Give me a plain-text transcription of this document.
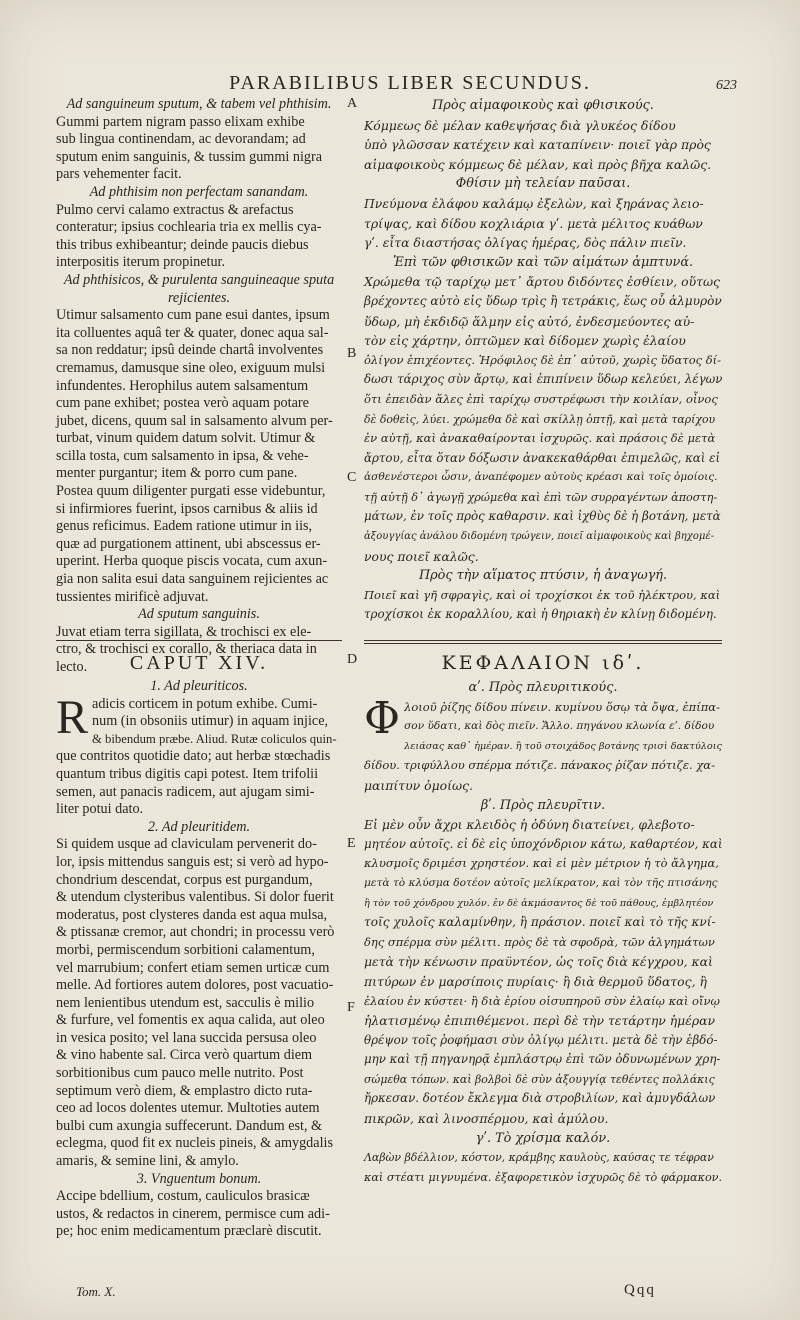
PARABILIBUS LIBER SECUNDUS.	623
Ad sanguineum sputum, & tabem vel phthisim.
Gummi partem nigram passo elixam exhibe
sub lingua continendam, ac devorandam; ad
sputum enim sanguinis, & tussim gummi nigra
pars vehementer facit.
Ad phthisim non perfectam sanandam.
Pulmo cervi calamo extractus & arefactus
conteratur; ipsius cochlearia tria ex mellis cya-
this tribus exhibeantur; deinde paucis diebus
interpositis iterum propinetur.
Ad phthisicos, & purulenta sanguineaque sputa
rejicientes.
Utimur salsamento cum pane esui dantes, ipsum
ita colluentes aquâ ter & quater, donec aqua sal-
sa non reddatur; ipsû deinde chartâ involventes
cremamus, damusque sine oleo, exiguum mulsi
infundentes. Herophilus autem salsamentum
cum pane exhibet; postea verò aquam potare
jubet, dicens, quum sal in salsamento alvum per-
turbat, vinum quidem datum solvit. Utimur &
scilla tosta, cum salsamento in ipsa, & vehe-
menter purgantur; item & porro cum pane.
Postea quum diligenter purgati esse videbuntur,
si infirmiores fuerint, ipsos carnibus & aliis id
genus reficimus. Eadem ratione utimur in iis,
quæ ad purgationem attinent, ubi abscessus er-
uperint. Herba quoque piscis vocata, cum axun-
gia non salita esui data sanguinem rejicientes ac
tussientes mirificè adjuvat.
Ad sputum sanguinis.
Juvat etiam terra sigillata, & trochisci ex ele-
ctro, & trochisci ex corallo, & theriaca data in
lecto.
Πρὸς αἱμαφοικοὺς καὶ φθισικούς.
Κόμμεως δὲ μέλαν καθεψήσας διὰ γλυκέος δίδου
ὑπὸ γλῶσσαν κατέχειν καὶ καταπίνειν· ποιεῖ γὰρ πρὸς
αἱμαφοικοὺς κόμμεως δὲ μέλαν, καὶ πρὸς βῆχα καλῶς.
Φθίσιν μὴ τελείαν παῦσαι.
Πνεύμονα ἐλάφου καλάμῳ ἐξελὼν, καὶ ξηράνας λειο-
τρίψας, καὶ δίδου κοχλιάρια γʹ. μετὰ μέλιτος κυάθων
γʹ. εἶτα διαστήσας ὀλίγας ἡμέρας, δὸς πάλιν πιεῖν.
Ἐπὶ τῶν φθισικῶν καὶ τῶν αἱμάτων ἀμπτυνά.
Χρώμεθα τῷ ταρίχῳ μετ᾽ ἄρτου διδόντες ἐσθίειν, οὕτως
βρέχοντες αὐτὸ εἰς ὕδωρ τρὶς ἢ τετράκις, ἕως οὗ ἁλμυρὸν
ὕδωρ, μὴ ἐκδιδῷ ἅλμην εἰς αὐτό, ἐνδεσμεύοντες αὐ-
τὸν εἰς χάρτην, ὀπτῶμεν καὶ δίδομεν χωρὶς ἐλαίου
ὀλίγον ἐπιχέοντες. Ἡρόφιλος δὲ ἐπ᾽ αὐτοῦ, χωρὶς ὕδατος δί-
δωσι τάριχος σὺν ἄρτῳ, καὶ ἐπιπίνειν ὕδωρ κελεύει, λέγων
ὅτι ἐπειδὰν ἅλες ἐπὶ ταρίχῳ συστρέφωσι τὴν κοιλίαν, οἶνος
δὲ δοθεὶς, λύει. χρώμεθα δὲ καὶ σκίλλῃ ὀπτῇ, καὶ μετὰ ταρίχου
ἐν αὐτῇ, καὶ ἀνακαθαίρονται ἰσχυρῶς. καὶ πράσοις δὲ μετὰ
ἄρτου, εἶτα ὅταν δόξωσιν ἀνακεκαθάρθαι ἐπιμελῶς, καὶ εἰ
ἀσθενέστεροι ὦσιν, ἀναπέφομεν αὐτοὺς κρέασι καὶ τοῖς ὁμοίοις.
τῇ αὐτῇ δ᾽ ἀγωγῇ χρώμεθα καὶ ἐπὶ τῶν συρραγέντων ἀποστη-
μάτων, ἐν τοῖς πρὸς καθαρσιν. καὶ ἰχθὺς δὲ ἡ βοτάνη, μετὰ
ἀξουγγίας ἀνάλου διδομένη τρώγειν, ποιεῖ αἱμαφοικοὺς καὶ βηχομέ-
νους ποιεῖ καλῶς.
Πρὸς τὴν αἵματος πτύσιν, ἡ ἀναγωγή.
Ποιεῖ καὶ γῆ σφραγὶς, καὶ οἱ τροχίσκοι ἐκ τοῦ ἠλέκτρου, καὶ
τροχίσκοι ἐκ κοραλλίου, καὶ ἡ θηριακὴ ἐν κλίνῃ διδομένη.
CAPUT XIV.
1. Ad pleuriticos.
R adicis corticem in potum exhibe. Cumi-
num (in obsoniis utimur) in aquam injice,
& bibendum præbe. Aliud. Rutæ coliculos quin-
que contritos quotidie dato; aut herbæ stœchadis
quantum tribus digitis capi potest. Item trifolii
semen, aut panacis radicem, aut ajugam simi-
liter potui dato.
2. Ad pleuritidem.
Si quidem usque ad claviculam pervenerit do-
lor, ipsis mittendus sanguis est; si verò ad hypo-
chondrium descendat, corpus est purgandum,
& utendum clysteribus valentibus. Si dolor fuerit
moderatus, post clysteres danda est aqua mulsa,
& ptissanæ cremor, aut chondri; in processu verò
morbi, permiscendum sorbitioni calamentum,
vel marrubium; confert etiam semen urticæ cum
melle. Ad fortiores autem dolores, post vacuatio-
nem lenientibus utendum est, sacculis è milio
& furfure, vel fomentis ex aqua calida, aut oleo
in vesica posito; vel lana succida persusa oleo
& vino habente sal. Circa verò quartum diem
sorbitionibus cum pauco melle nutrito. Post
septimum verò diem, & emplastro dicto ruta-
ceo ad locos dolentes utemur. Multoties autem
bulbi cum axungia suffecerunt. Dandum est, &
eclegma, quod fit ex nucleis pineis, & amygdalis
amaris, & semine lini, & amylo.
3. Vnguentum bonum.
Accipe bdellium, costum, cauliculos brasicæ
ustos, & redactos in cinerem, permisce cum adi-
pe; hoc enim medicamentum præclarè discutit.
ΚΕΦΑΛΑΙΟΝ ιδʹ.
αʹ. Πρὸς πλευριτικούς.
Φ λοιοῦ ῥίζης δίδου πίνειν. κυμίνου ὅσῳ τὰ ὄψα, ἐπίπα-
σον ὕδατι, καὶ δὸς πιεῖν. Ἄλλο. πηγάνου κλωνία εʹ. δίδου
λειάσας καθ᾽ ἡμέραν. ἢ τοῦ στοιχάδος βοτάνης τρισὶ δακτύλοις
δίδου. τριφύλλου σπέρμα πότιζε. πάνακος ῥίζαν πότιζε. χα-
μαιπίτυν ὁμοίως.
βʹ. Πρὸς πλευρῖτιν.
Εἰ μὲν οὖν ἄχρι κλειδὸς ἡ ὀδύνη διατείνει, φλεβοτο-
μητέον αὐτοῖς. εἰ δὲ εἰς ὑποχόνδριον κάτω, καθαρτέον, καὶ
κλυσμοῖς δριμέσι χρηστέον. καὶ εἰ μὲν μέτριον ἡ τὸ ἄλγημα,
μετὰ τὸ κλύσμα δοτέον αὐτοῖς μελίκρατον, καὶ τὸν τῆς πτισάνης
ἢ τὸν τοῦ χόνδρου χυλόν. ἐν δὲ ἀκμάσαντος δὲ τοῦ πάθους, ἐμβλητέον
τοῖς χυλοῖς καλαμίνθην, ἢ πράσιον. ποιεῖ καὶ τὸ τῆς κνί-
δης σπέρμα σὺν μέλιτι. πρὸς δὲ τὰ σφοδρὰ, τῶν ἀλγημάτων
μετὰ τὴν κένωσιν πραϋντέον, ὡς τοῖς διὰ κέγχρου, καὶ
πιτύρων ἐν μαρσίποις πυρίαις· ἢ διὰ θερμοῦ ὕδατος, ἢ
ἐλαίου ἐν κύστει· ἢ διὰ ἐρίου οἰσυπηροῦ σὺν ἐλαίῳ καὶ οἴνῳ
ἡλατισμένῳ ἐπιπιθέμενοι. περὶ δὲ τὴν τετάρτην ἡμέραν
θρέψον τοῖς ῥοφήμασι σὺν ὀλίγῳ μέλιτι. μετὰ δὲ τὴν ἑβδό-
μην καὶ τῇ πηγανηρᾷ ἐμπλάστρῳ ἐπὶ τῶν ὀδυνωμένων χρη-
σώμεθα τόπων. καὶ βολβοὶ δὲ σὺν ἀξουγγίᾳ τεθέντες πολλάκις
ἤρκεσαν. δοτέον ἔκλεγμα διὰ στροβιλίων, καὶ ἀμυγδάλων
πικρῶν, καὶ λινοσπέρμου, καὶ ἀμύλου.
γʹ. Τὸ χρίσμα καλόν.
Λαβὼν βδέλλιον, κόστον, κράμβης καυλοὺς, καύσας τε τέφραν
καὶ στέατι μιγνυμένα. ἐξαφορετικὸν ἰσχυρῶς δὲ τὸ φάρμακον.
A
B
C
D
E
F
Tom. X.	Qqq
